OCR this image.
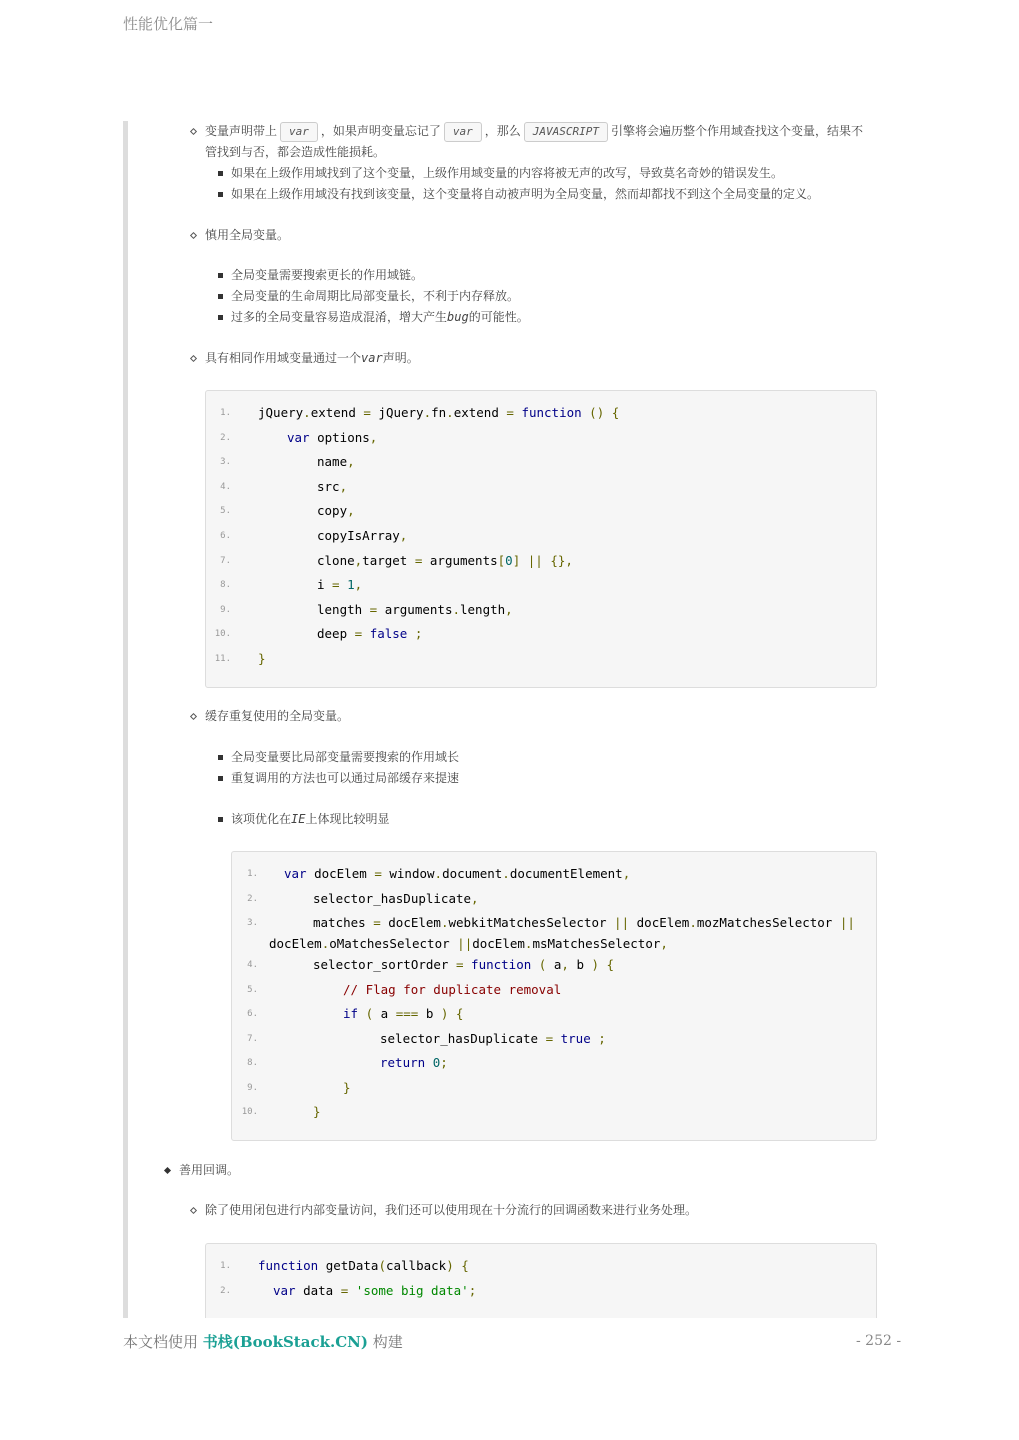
性能优化篇一
变量声明带上 var ，如果声明变量忘记了 var ，那么 JAVASCRIPT 引擎将会遍历整个作用域查找这个变量，结果不
管找到与否，都会造成性能损耗。
如果在上级作用域找到了这个变量，上级作用域变量的内容将被无声的改写，导致莫名奇妙的错误发生。
如果在上级作用域没有找到该变量，这个变量将自动被声明为全局变量，然而却都找不到这个全局变量的定义。
慎用全局变量。
全局变量需要搜索更长的作用域链。
全局变量的生命周期比局部变量长，不利于内存释放。
过多的全局变量容易造成混淆，增大产生bug的可能性。
具有相同作用域变量通过一个var声明。
1. jQuery.extend = jQuery.fn.extend = function () {
2.	var options,
3.	name,
4.	src,
5.	copy,
6.	copyIsArray,
7.	clone,target = arguments[0] || {},
8.	i = 1,
9.	length = arguments.length,
10.	deep = false ;
11. }
缓存重复使用的全局变量。
全局变量要比局部变量需要搜索的作用域长
重复调用的方法也可以通过局部缓存来提速
该项优化在IE上体现比较明显
1. var docElem = window.document.documentElement,
2.	selector_hasDuplicate,
3.	matches = docElem.webkitMatchesSelector || docElem.mozMatchesSelector ||
docElem.oMatchesSelector ||docElem.msMatchesSelector,
4.	selector_sortOrder = function ( a, b ) {
5.	// Flag for duplicate removal
6.	if ( a === b ) {
7.	selector_hasDuplicate = true ;
8.	return 0;
9.	}
10.	}
善用回调。
除了使用闭包进行内部变量访问，我们还可以使用现在十分流行的回调函数来进行业务处理。
1. function getData(callback) {
2.	var data = 'some big data';
本文档使用 书栈(BookStack.CN) 构建	- 252 -
